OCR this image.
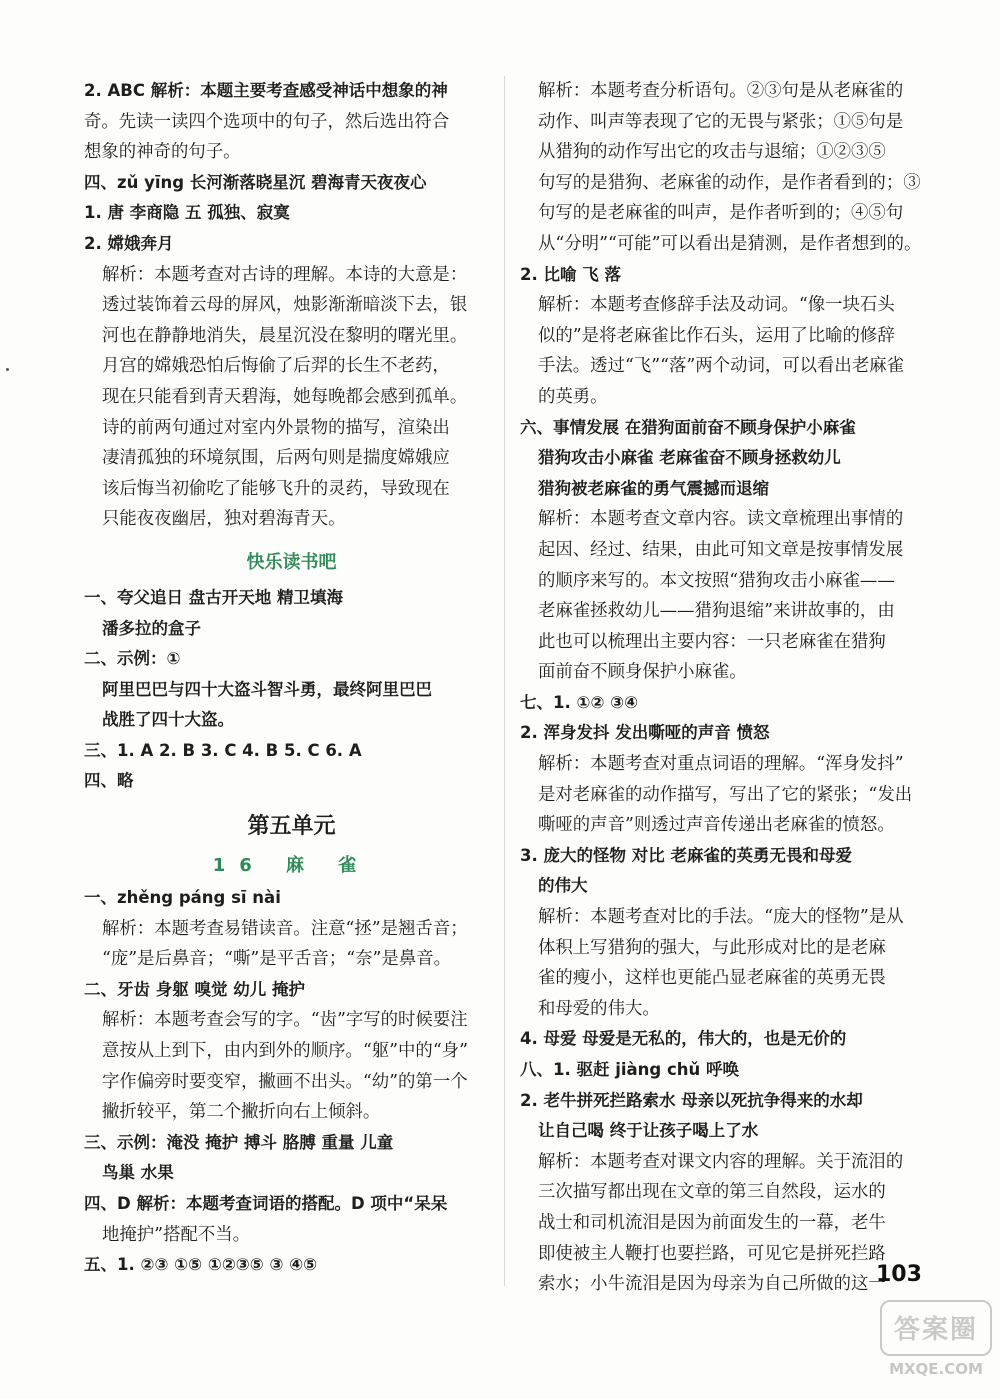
2. ABC 解析：本题主要考查感受神话中想象的神
奇。先读一读四个选项中的句子，然后选出符合
想象的神奇的句子。
四、zǔ yīng 长河渐落晓星沉 碧海青天夜夜心
1. 唐 李商隐 五 孤独、寂寞
2. 嫦娥奔月
解析：本题考查对古诗的理解。本诗的大意是：
透过装饰着云母的屏风，烛影渐渐暗淡下去，银
河也在静静地消失，晨星沉没在黎明的曙光里。
月宫的嫦娥恐怕后悔偷了后羿的长生不老药，
现在只能看到青天碧海，她每晚都会感到孤单。
诗的前两句通过对室内外景物的描写，渲染出
凄清孤独的环境氛围，后两句则是揣度嫦娥应
该后悔当初偷吃了能够飞升的灵药，导致现在
只能夜夜幽居，独对碧海青天。
快乐读书吧
一、夸父追日 盘古开天地 精卫填海
潘多拉的盒子
二、示例：①
阿里巴巴与四十大盗斗智斗勇，最终阿里巴巴
战胜了四十大盗。
三、1. A 2. B 3. C 4. B 5. C 6. A
四、略
第五单元
16 麻 雀
一、zhěng páng sī nài
解析：本题考查易错读音。注意“拯”是翘舌音；
“庞”是后鼻音；“嘶”是平舌音；“奈”是鼻音。
二、牙齿 身躯 嗅觉 幼儿 掩护
解析：本题考查会写的字。“齿”字写的时候要注
意按从上到下，由内到外的顺序。“躯”中的“身”
字作偏旁时要变窄，撇画不出头。“幼”的第一个
撇折较平，第二个撇折向右上倾斜。
三、示例：淹没 掩护 搏斗 胳膊 重量 儿童
鸟巢 水果
四、D 解析：本题考查词语的搭配。D 项中“呆呆
地掩护”搭配不当。
五、1. ②③ ①⑤ ①②③⑤ ③ ④⑤
解析：本题考查分析语句。②③句是从老麻雀的
动作、叫声等表现了它的无畏与紧张；①⑤句是
从猎狗的动作写出它的攻击与退缩；①②③⑤
句写的是猎狗、老麻雀的动作，是作者看到的；③
句写的是老麻雀的叫声，是作者听到的；④⑤句
从“分明”“可能”可以看出是猜测，是作者想到的。
2. 比喻 飞 落
解析：本题考查修辞手法及动词。“像一块石头
似的”是将老麻雀比作石头，运用了比喻的修辞
手法。透过“飞”“落”两个动词，可以看出老麻雀
的英勇。
六、事情发展 在猎狗面前奋不顾身保护小麻雀
猎狗攻击小麻雀 老麻雀奋不顾身拯救幼儿
猎狗被老麻雀的勇气震撼而退缩
解析：本题考查文章内容。读文章梳理出事情的
起因、经过、结果，由此可知文章是按事情发展
的顺序来写的。本文按照“猎狗攻击小麻雀——
老麻雀拯救幼儿——猎狗退缩”来讲故事的，由
此也可以梳理出主要内容：一只老麻雀在猎狗
面前奋不顾身保护小麻雀。
七、1. ①② ③④
2. 浑身发抖 发出嘶哑的声音 愤怒
解析：本题考查对重点词语的理解。“浑身发抖”
是对老麻雀的动作描写，写出了它的紧张；“发出
嘶哑的声音”则透过声音传递出老麻雀的愤怒。
3. 庞大的怪物 对比 老麻雀的英勇无畏和母爱
的伟大
解析：本题考查对比的手法。“庞大的怪物”是从
体积上写猎狗的强大，与此形成对比的是老麻
雀的瘦小，这样也更能凸显老麻雀的英勇无畏
和母爱的伟大。
4. 母爱 母爱是无私的，伟大的，也是无价的
八、1. 驱赶 jiàng chǔ 呼唤
2. 老牛拼死拦路索水 母亲以死抗争得来的水却
让自己喝 终于让孩子喝上了水
解析：本题考查对课文内容的理解。关于流泪的
三次描写都出现在文章的第三自然段，运水的
战士和司机流泪是因为前面发生的一幕，老牛
即使被主人鞭打也要拦路，可见它是拼死拦路
索水；小牛流泪是因为母亲为自己所做的这一
103
答案圈
MXQE.COM
